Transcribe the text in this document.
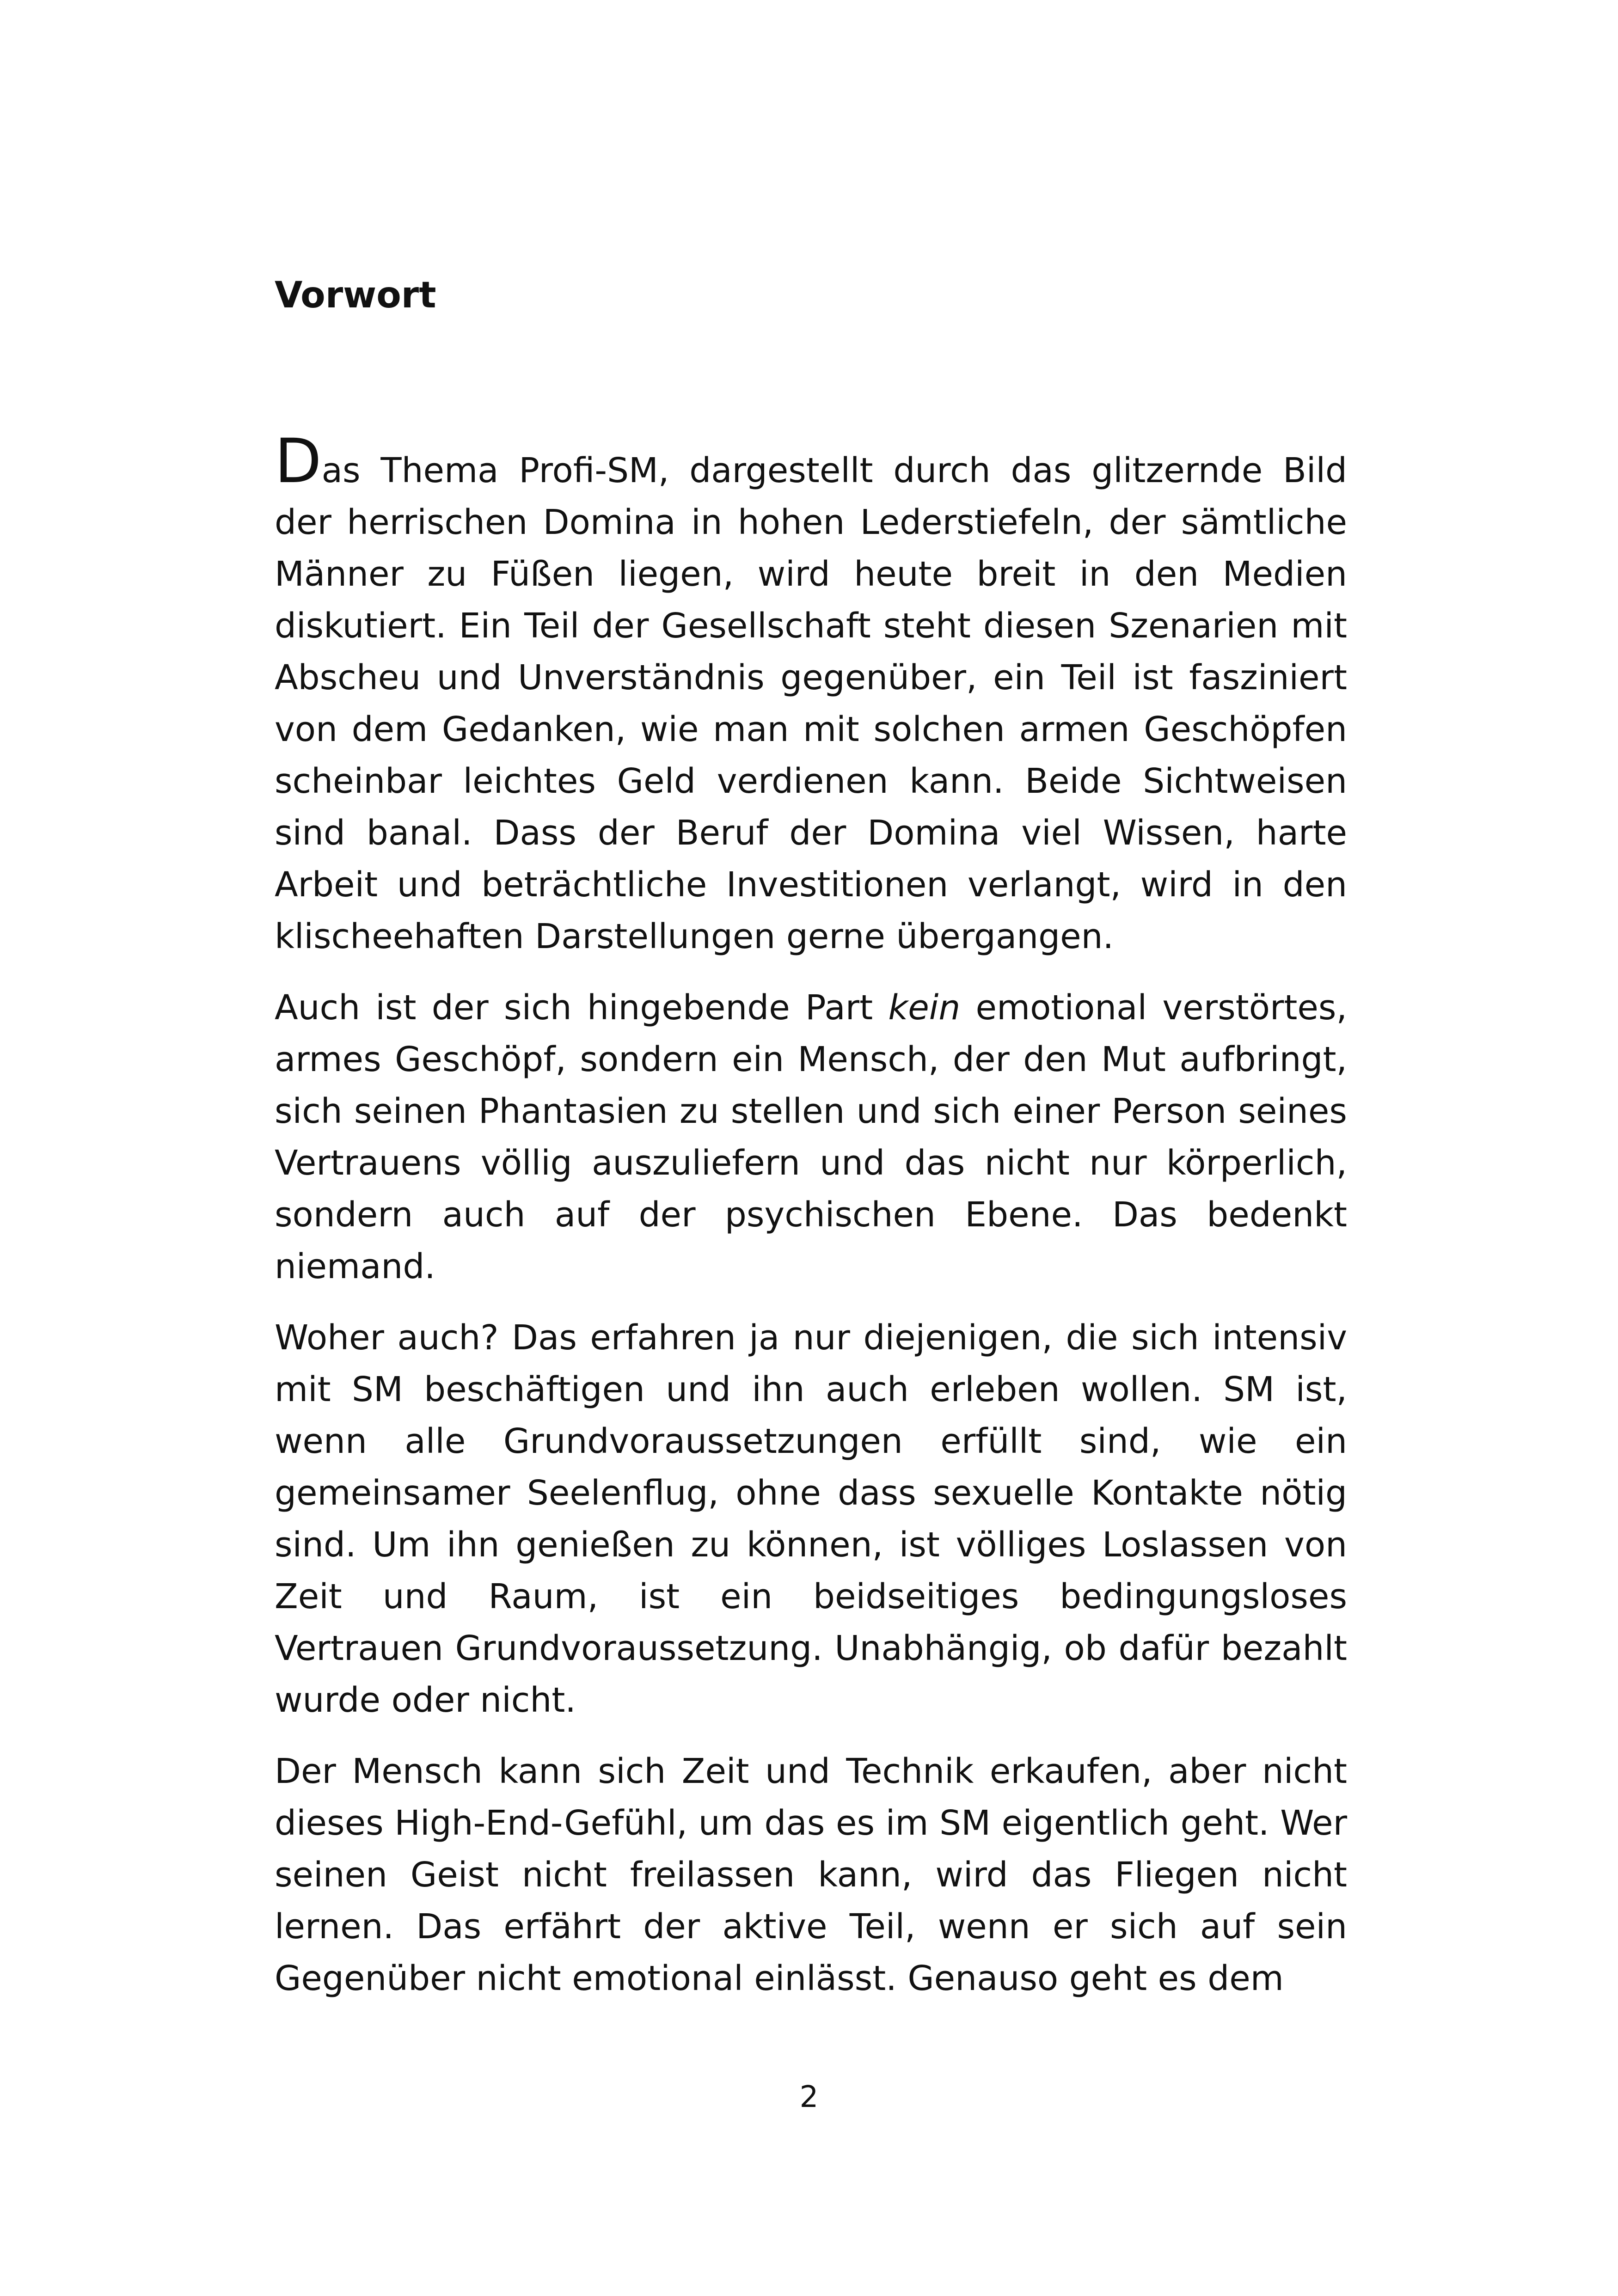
Vorwort

Das Thema Profi-SM, dargestellt durch das glitzernde Bild der herrischen Domina in hohen Lederstiefeln, der sämtliche Männer zu Füßen liegen, wird heute breit in den Medien diskutiert. Ein Teil der Gesellschaft steht diesen Szenarien mit Abscheu und Unverständnis gegenüber, ein Teil ist fasziniert von dem Gedanken, wie man mit solchen armen Geschöpfen scheinbar leichtes Geld verdienen kann. Beide Sichtweisen sind banal. Dass der Beruf der Domina viel Wissen, harte Arbeit und beträchtliche Investitionen verlangt, wird in den klischeehaften Darstellungen gerne übergangen.

Auch ist der sich hingebende Part kein emotional verstörtes, armes Geschöpf, sondern ein Mensch, der den Mut aufbringt, sich seinen Phantasien zu stellen und sich einer Person seines Vertrauens völlig auszuliefern und das nicht nur körperlich, sondern auch auf der psychischen Ebene. Das bedenkt niemand.

Woher auch? Das erfahren ja nur diejenigen, die sich intensiv mit SM beschäftigen und ihn auch erleben wollen. SM ist, wenn alle Grundvoraussetzungen erfüllt sind, wie ein gemeinsamer Seelenflug, ohne dass sexuelle Kontakte nötig sind. Um ihn genießen zu können, ist völliges Loslassen von Zeit und Raum, ist ein beidseitiges bedingungsloses Vertrauen Grundvoraussetzung. Unabhängig, ob dafür bezahlt wurde oder nicht.

Der Mensch kann sich Zeit und Technik erkaufen, aber nicht dieses High-End-Gefühl, um das es im SM eigentlich geht. Wer seinen Geist nicht freilassen kann, wird das Fliegen nicht lernen. Das erfährt der aktive Teil, wenn er sich auf sein Gegenüber nicht emotional einlässt. Genauso geht es dem

2
